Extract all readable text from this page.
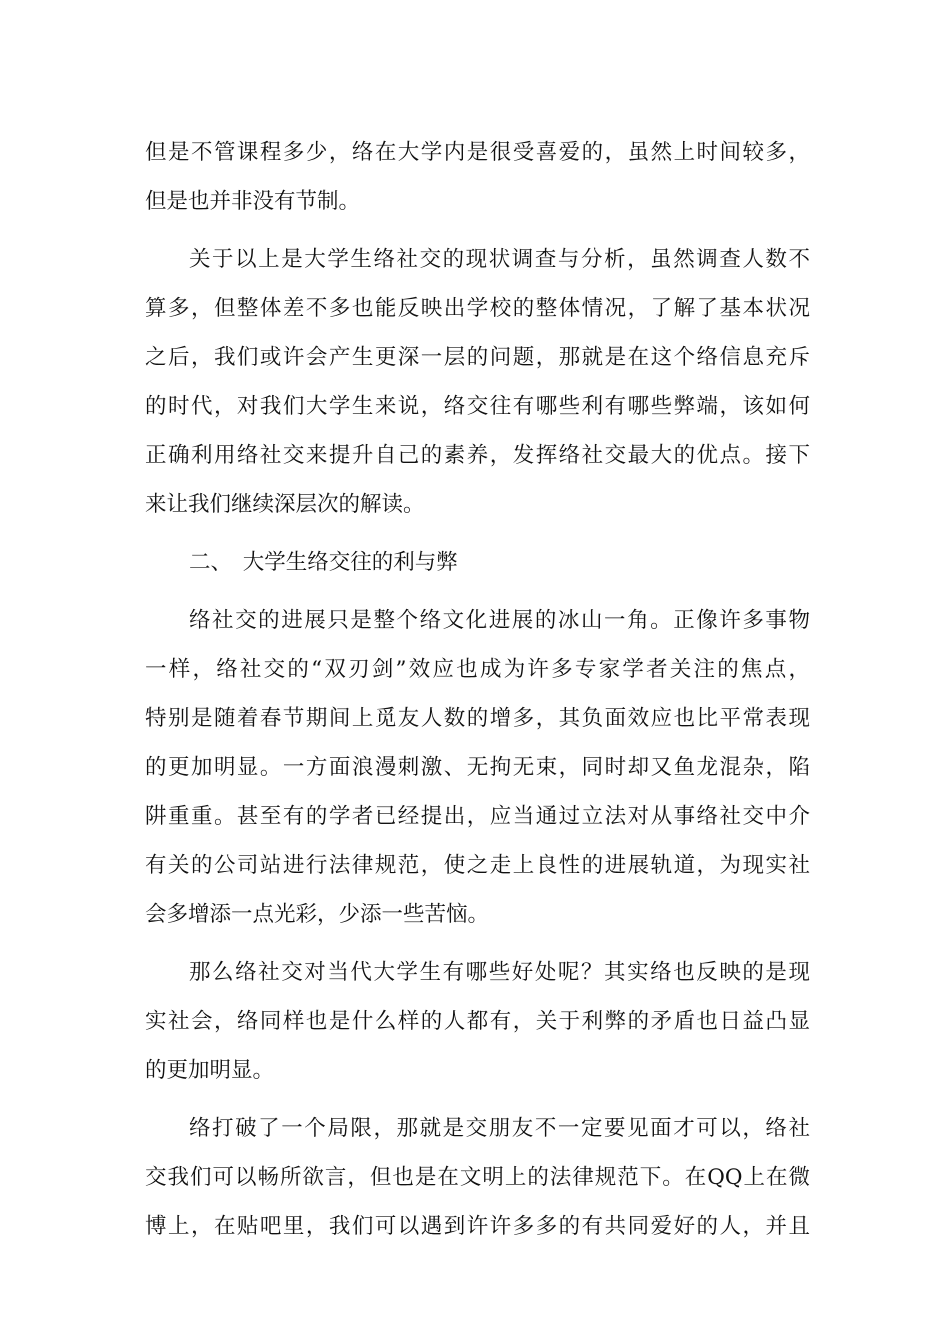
但是不管课程多少，络在大学内是很受喜爱的，虽然上时间较多，
但是也并非没有节制。
关于以上是大学生络社交的现状调查与分析，虽然调查人数不
算多，但整体差不多也能反映出学校的整体情况，了解了基本状况
之后，我们或许会产生更深一层的问题，那就是在这个络信息充斥
的时代，对我们大学生来说，络交往有哪些利有哪些弊端，该如何
正确利用络社交来提升自己的素养，发挥络社交最大的优点。接下
来让我们继续深层次的解读。
二、　大学生络交往的利与弊
络社交的进展只是整个络文化进展的冰山一角。正像许多事物
一样，络社交的“双刃剑”效应也成为许多专家学者关注的焦点，
特别是随着春节期间上觅友人数的增多，其负面效应也比平常表现
的更加明显。一方面浪漫刺激、无拘无束，同时却又鱼龙混杂，陷
阱重重。甚至有的学者已经提出，应当通过立法对从事络社交中介
有关的公司站进行法律规范，使之走上良性的进展轨道，为现实社
会多增添一点光彩，少添一些苦恼。
那么络社交对当代大学生有哪些好处呢？其实络也反映的是现
实社会，络同样也是什么样的人都有，关于利弊的矛盾也日益凸显
的更加明显。
络打破了一个局限，那就是交朋友不一定要见面才可以，络社
交我们可以畅所欲言，但也是在文明上的法律规范下。在QQ上在微
博上，在贴吧里，我们可以遇到许许多多的有共同爱好的人，并且
